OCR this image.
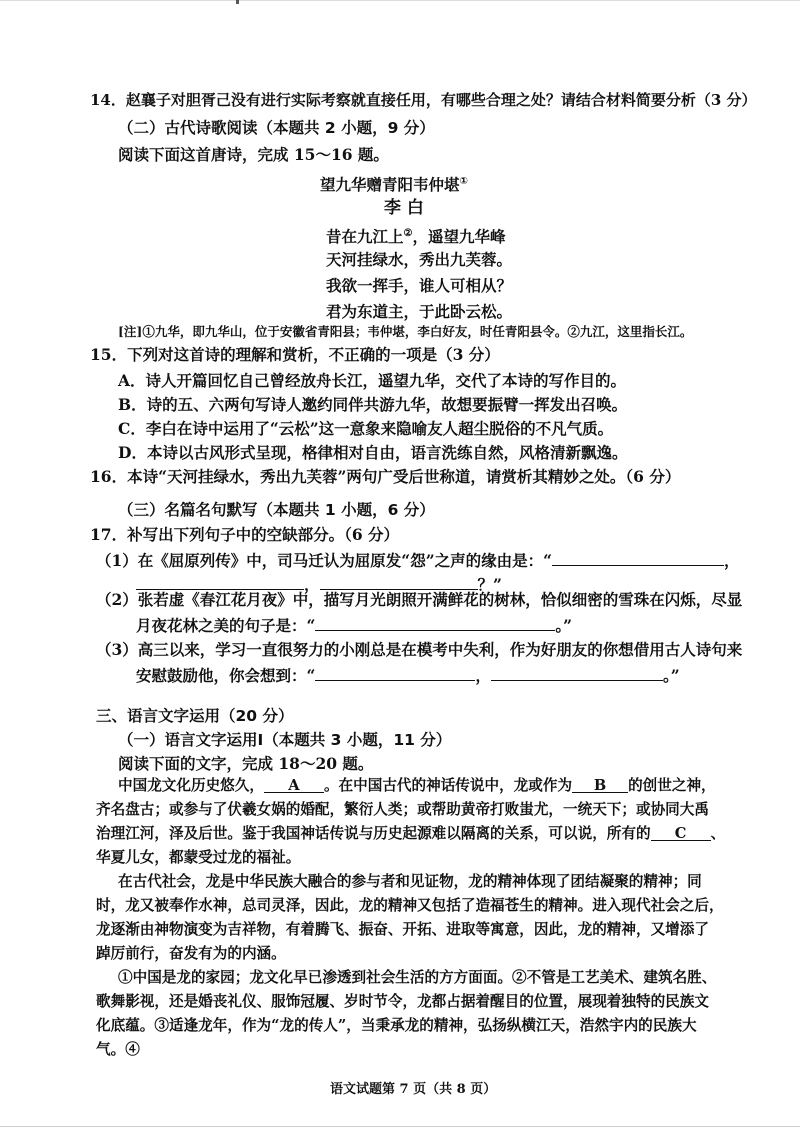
14．赵襄子对胆胥己没有进行实际考察就直接任用，有哪些合理之处？请结合材料简要分析（3 分）

（二）古代诗歌阅读（本题共 2 小题，9 分）

阅读下面这首唐诗，完成 15～16 题。

望九华赠青阳韦仲堪①

李 白

昔在九江上②，遥望九华峰

天河挂绿水，秀出九芙蓉。

我欲一挥手，谁人可相从？

君为东道主，于此卧云松。

[注]①九华，即九华山，位于安徽省青阳县；韦仲堪，李白好友，时任青阳县令。②九江，这里指长江。

15．下列对这首诗的理解和赏析，不正确的一项是（3 分）

A．诗人开篇回忆自己曾经放舟长江，遥望九华，交代了本诗的写作目的。

B．诗的五、六两句写诗人邀约同伴共游九华，故想要振臂一挥发出召唤。

C．李白在诗中运用了“云松”这一意象来隐喻友人超尘脱俗的不凡气质。

D．本诗以古风形式呈现，格律相对自由，语言洗练自然，风格清新飘逸。

16．本诗“天河挂绿水，秀出九芙蓉”两句广受后世称道，请赏析其精妙之处。（6 分）

（三）名篇名句默写（本题共 1 小题，6 分）

17．补写出下列句子中的空缺部分。（6 分）

（1）在《屈原列传》中，司马迁认为屈原发“怨”之声的缘由是：“	，

，	？”

（2）张若虚《春江花月夜》中，描写月光朗照开满鲜花的树林，恰似细密的雪珠在闪烁，尽显

月夜花林之美的句子是：“	。”

（3）高三以来，学习一直很努力的小刚总是在模考中失利，作为好朋友的你想借用古人诗句来

安慰鼓励他，你会想到：“	，	。”

三、语言文字运用（20 分）

（一）语言文字运用Ⅰ（本题共 3 小题，11 分）

阅读下面的文字，完成 18～20 题。

中国龙文化历史悠久， A 。在中国古代的神话传说中，龙或作为 B 的创世之神，

齐名盘古；或参与了伏羲女娲的婚配，繁衍人类；或帮助黄帝打败蚩尤，一统天下；或协同大禹

治理江河，泽及后世。鉴于我国神话传说与历史起源难以隔离的关系，可以说，所有的 C 、

华夏儿女，都蒙受过龙的福祉。

在古代社会，龙是中华民族大融合的参与者和见证物，龙的精神体现了团结凝聚的精神；同

时，龙又被奉作水神，总司灵泽，因此，龙的精神又包括了造福苍生的精神。进入现代社会之后，

龙逐渐由神物演变为吉祥物，有着腾飞、振奋、开拓、进取等寓意，因此，龙的精神，又增添了

踔厉前行，奋发有为的内涵。

①中国是龙的家园；龙文化早已渗透到社会生活的方方面面。②不管是工艺美术、建筑名胜、

歌舞影视，还是婚丧礼仪、服饰冠履、岁时节令，龙都占据着醒目的位置，展现着独特的民族文

化底蕴。③适逢龙年，作为“龙的传人”，当秉承龙的精神，弘扬纵横江天，浩然宇内的民族大

气。④

语文试题第 7 页（共 8 页）
